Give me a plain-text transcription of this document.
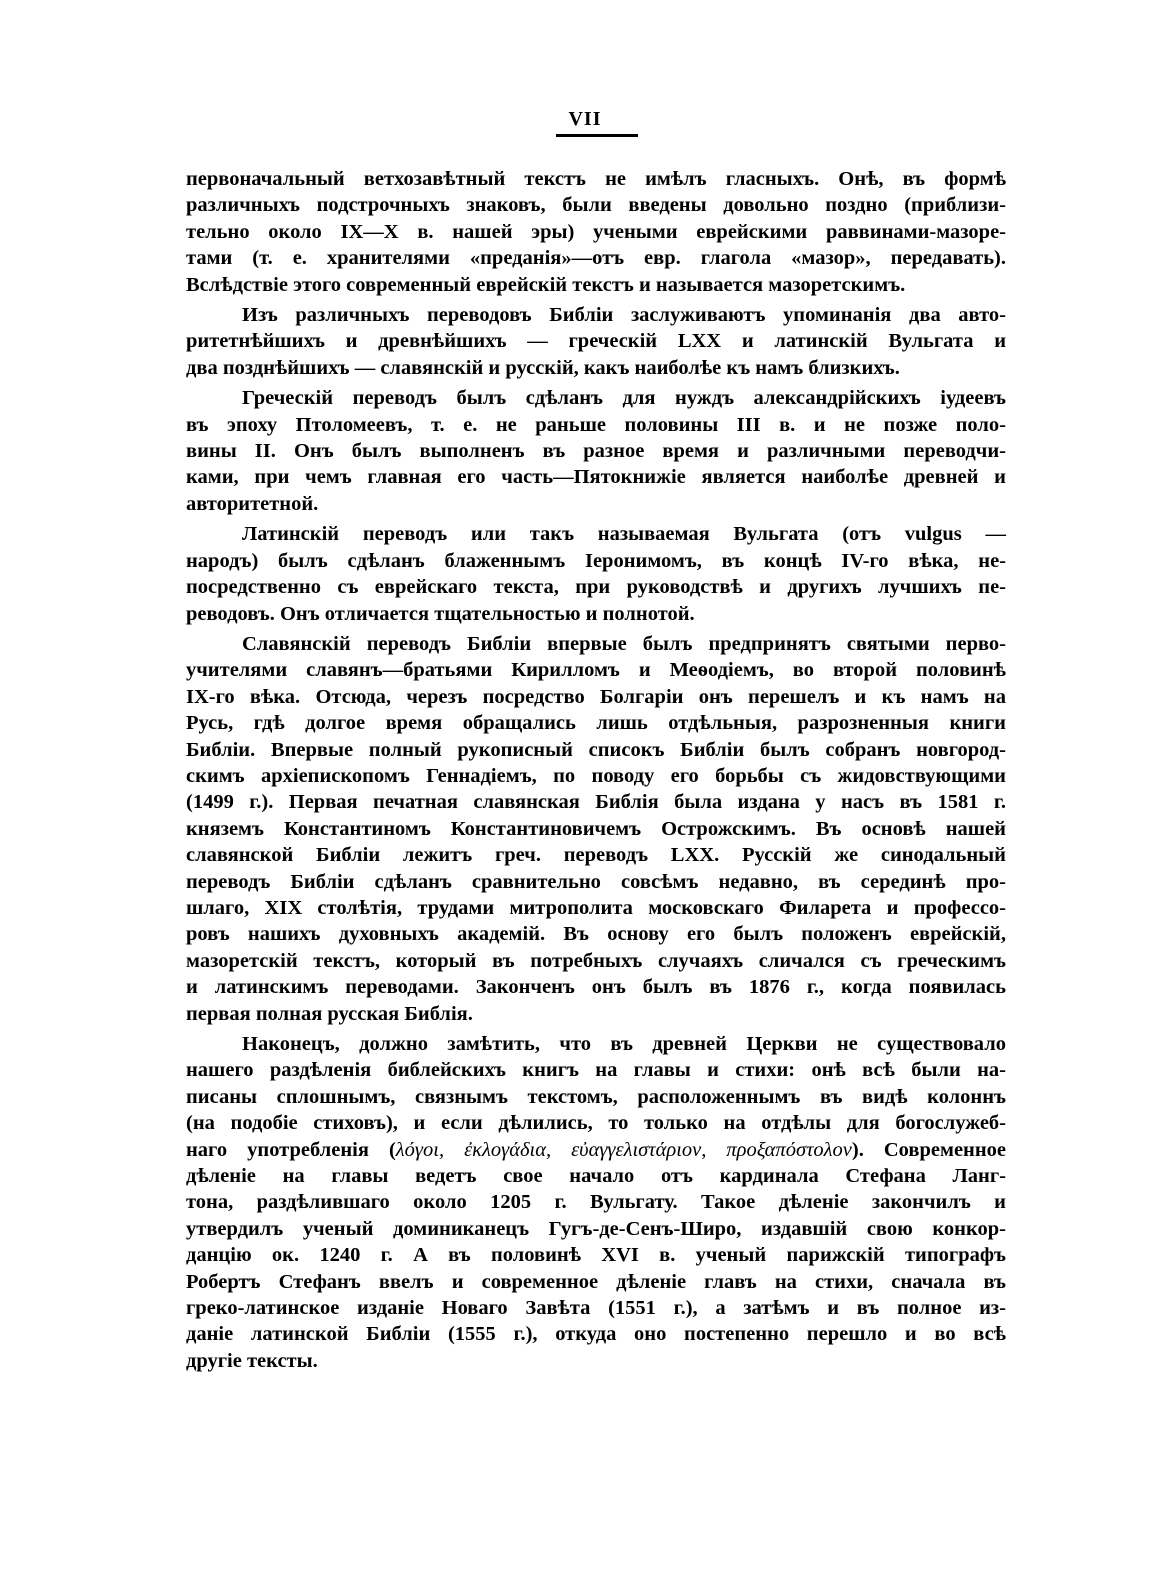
VII
первоначальный ветхозавѣтный текстъ не имѣлъ гласныхъ. Онѣ, въ формѣ
различныхъ подстрочныхъ знаковъ, были введены довольно поздно (приблизи-
тельно около IX—X в. нашей эры) учеными еврейскими раввинами-мазоре-
тами (т. е. хранителями «преданія»—отъ евр. глагола «мазор», передавать).
Вслѣдствіе этого современный еврейскій текстъ и называется мазоретскимъ.
Изъ различныхъ переводовъ Библіи заслуживаютъ упоминанія два авто-
ритетнѣйшихъ и древнѣйшихъ — греческій LXX и латинскій Вульгата и
два позднѣйшихъ — славянскій и русскій, какъ наиболѣе къ намъ близкихъ.
Греческій переводъ былъ сдѣланъ для нуждъ александрійскихъ іудеевъ
въ эпоху Птоломеевъ, т. е. не раньше половины III в. и не позже поло-
вины II. Онъ былъ выполненъ въ разное время и различными переводчи-
ками, при чемъ главная его часть—Пятокнижіе является наиболѣе древней и
авторитетной.
Латинскій переводъ или такъ называемая Вульгата (отъ vulgus —
народъ) былъ сдѣланъ блаженнымъ Іеронимомъ, въ концѣ IV-го вѣка, не-
посредственно съ еврейскаго текста, при руководствѣ и другихъ лучшихъ пе-
реводовъ. Онъ отличается тщательностью и полнотой.
Славянскій переводъ Библіи впервые былъ предпринятъ святыми перво-
учителями славянъ—братьями Кирилломъ и Меѳодіемъ, во второй половинѣ
IX-го вѣка. Отсюда, черезъ посредство Болгаріи онъ перешелъ и къ намъ на
Русь, гдѣ долгое время обращались лишь отдѣльныя, разрозненныя книги
Библіи. Впервые полный рукописный списокъ Библіи былъ собранъ новгород-
скимъ архіепископомъ Геннадіемъ, по поводу его борьбы съ жидовствующими
(1499 г.). Первая печатная славянская Библія была издана у насъ въ 1581 г.
княземъ Константиномъ Константиновичемъ Острожскимъ. Въ основѣ нашей
славянской Библіи лежитъ греч. переводъ LXX. Русскій же синодальный
переводъ Библіи сдѣланъ сравнительно совсѣмъ недавно, въ серединѣ про-
шлаго, XIX столѣтія, трудами митрополита московскаго Филарета и профессо-
ровъ нашихъ духовныхъ академій. Въ основу его былъ положенъ еврейскій,
мазоретскій текстъ, который въ потребныхъ случаяхъ сличался съ греческимъ
и латинскимъ переводами. Законченъ онъ былъ въ 1876 г., когда появилась
первая полная русская Библія.
Наконецъ, должно замѣтить, что въ древней Церкви не существовало
нашего раздѣленія библейскихъ книгъ на главы и стихи: онѣ всѣ были на-
писаны сплошнымъ, связнымъ текстомъ, расположеннымъ въ видѣ колоннъ
(на подобіе стиховъ), и если дѣлились, то только на отдѣлы для богослужеб-
наго употребленія (λόγοι, ἐκλογάδια, εὐαγγελιστάριον, προξαπόστολον). Современное
дѣленіе на главы ведетъ свое начало отъ кардинала Стефана Ланг-
тона, раздѣлившаго около 1205 г. Вульгату. Такое дѣленіе закончилъ и
утвердилъ ученый доминиканецъ Гугъ-де-Сенъ-Широ, издавшій свою конкор-
данцію ок. 1240 г. А въ половинѣ XVI в. ученый парижскій типографъ
Робертъ Стефанъ ввелъ и современное дѣленіе главъ на стихи, сначала въ
греко-латинское изданіе Новаго Завѣта (1551 г.), а затѣмъ и въ полное из-
даніе латинской Библіи (1555 г.), откуда оно постепенно перешло и во всѣ
другіе тексты.
